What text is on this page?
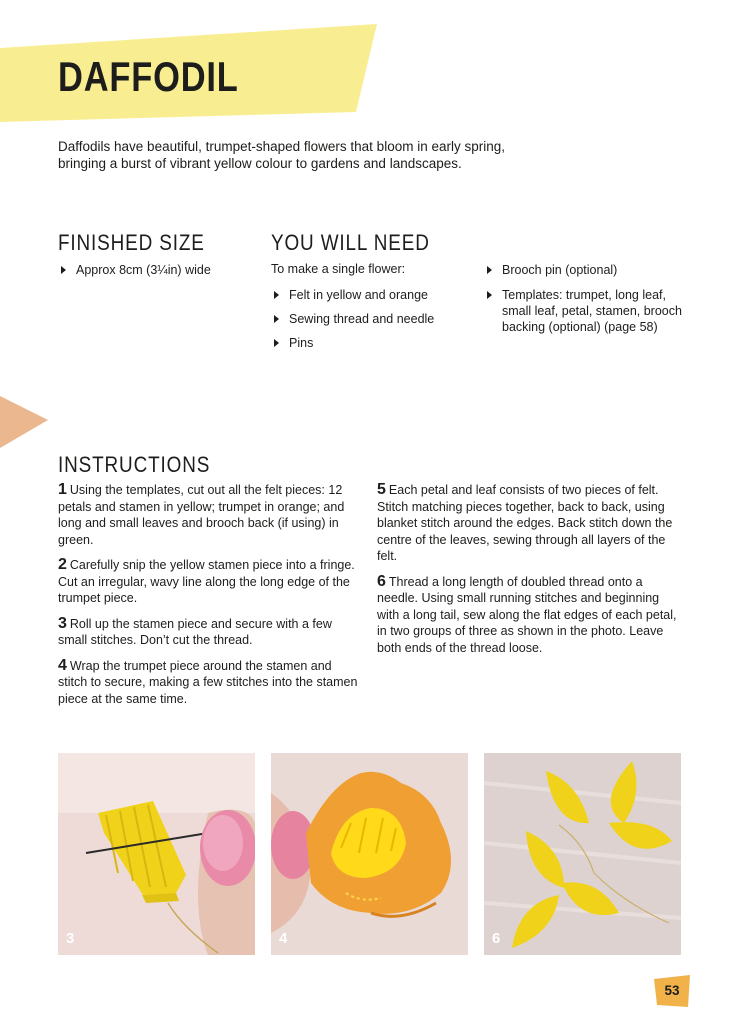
DAFFODIL

Daffodils have beautiful, trumpet-shaped flowers that bloom in early spring, bringing a burst of vibrant yellow colour to gardens and landscapes.

FINISHED SIZE
Approx 8cm (3¼in) wide
YOU WILL NEED

To make a single flower:

Felt in yellow and orange
Sewing thread and needle
Pins
Brooch pin (optional)
Templates: trumpet, long leaf, small leaf, petal, stamen, brooch backing (optional) (page 58)
INSTRUCTIONS

1 Using the templates, cut out all the felt pieces: 12 petals and stamen in yellow; trumpet in orange; and long and small leaves and brooch back (if using) in green.

2 Carefully snip the yellow stamen piece into a fringe. Cut an irregular, wavy line along the long edge of the trumpet piece.

3 Roll up the stamen piece and secure with a few small stitches. Don’t cut the thread.

4 Wrap the trumpet piece around the stamen and stitch to secure, making a few stitches into the stamen piece at the same time.

5 Each petal and leaf consists of two pieces of felt. Stitch matching pieces together, back to back, using blanket stitch around the edges. Back stitch down the centre of the leaves, sewing through all layers of the felt.

6 Thread a long length of doubled thread onto a needle. Using small running stitches and beginning with a long tail, sew along the flat edges of each petal, in two groups of three as shown in the photo. Leave both ends of the thread loose.

3	4	6
53
